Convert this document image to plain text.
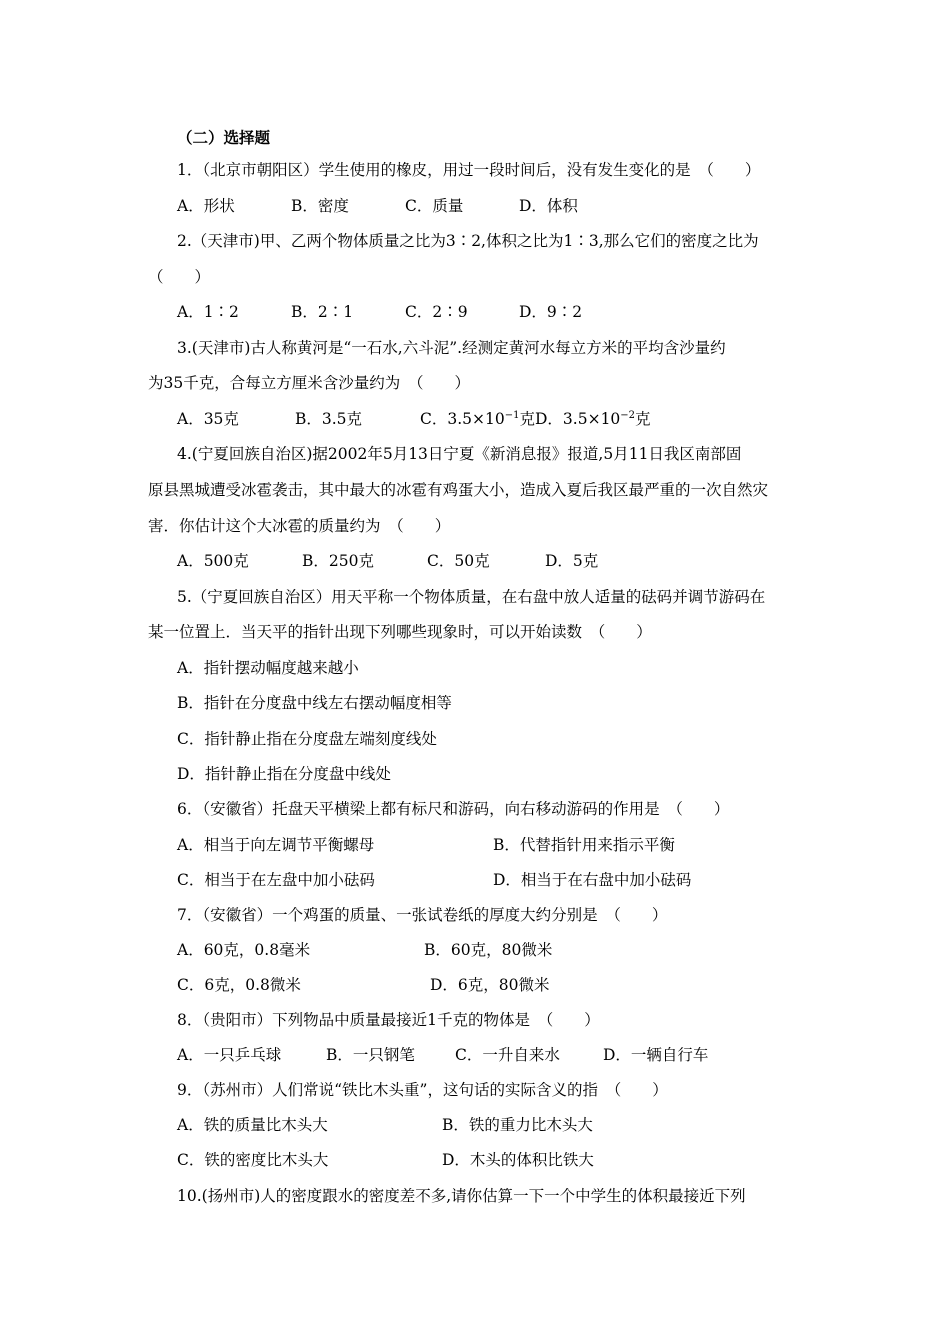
（二）选择题
1．（北京市朝阳区）学生使用的橡皮，用过一段时间后，没有发生变化的是　（　　）

A．形状

	B．密度

	C．质量

	D．体积

2.（天津市)甲、乙两个物体质量之比为3∶2,体积之比为1∶3,那么它们的密度之比为
（　　）

A．1∶2

	B．2∶1

	C．2∶9

	D．9∶2

3.(天津市)古人称黄河是“一石水,六斗泥”.经测定黄河水每立方米的平均含沙量约
为35千克，合每立方厘米含沙量约为　（　　）

A．35克

	B．3.5克

	C．$3.5\times 10^{-1}$克

D．$3.5\times 10^{-2}$克

4.(宁夏回族自治区)据2002年5月13日宁夏《新消息报》报道,5月11日我区南部固
原县黑城遭受冰雹袭击，其中最大的冰雹有鸡蛋大小，造成入夏后我区最严重的一次自然灾
害．你估计这个大冰雹的质量约为　（　　）

A．500克

	B．250克

	C．50克

	D．5克

5.（宁夏回族自治区）用天平称一个物体质量，在右盘中放人适量的砝码并调节游码在
某一位置上．当天平的指针出现下列哪些现象时，可以开始读数　（　　）
A．指针摆动幅度越来越小
B．指针在分度盘中线左右摆动幅度相等
C．指针静止指在分度盘左端刻度线处
D．指针静止指在分度盘中线处
6．（安徽省）托盘天平横梁上都有标尺和游码，向右移动游码的作用是　（　　）

A．相当于向左调节平衡螺母

	B．代替指针用来指示平衡

C．相当于在左盘中加小砝码

	D．相当于在右盘中加小砝码

7．（安徽省）一个鸡蛋的质量、一张试卷纸的厚度大约分别是　（　　）

A．60克，0.8毫米

	B．60克，80微米

C．6克，0.8微米

	D．6克，80微米

8．（贵阳市）下列物品中质量最接近1千克的物体是　（　　）

A．一只乒乓球

	B．一只钢笔

	C．一升自来水

	D．一辆自行车

9．（苏州市）人们常说“铁比木头重”，这句话的实际含义的指　（　　）

A．铁的质量比木头大

	B．铁的重力比木头大

C．铁的密度比木头大

	D．木头的体积比铁大

10.(扬州市)人的密度跟水的密度差不多,请你估算一下一个中学生的体积最接近下列
